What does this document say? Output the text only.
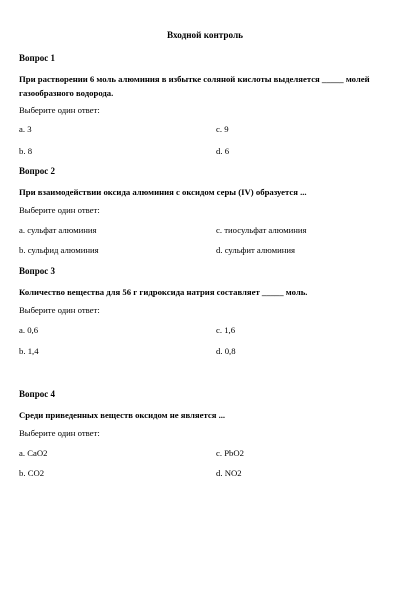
Входной контроль
Вопрос 1
При растворении 6 моль алюминия в избытке соляной кислоты выделяется _____ молей газообразного водорода.
Выберите один ответ:
a. 3	c. 9
b. 8	d. 6
Вопрос 2
При взаимодействии оксида алюминия с оксидом серы (IV) образуется ...
Выберите один ответ:
a. сульфат алюминия	c. тиосульфат алюминия
b. сульфид алюминия	d. сульфит алюминия
Вопрос 3
Количество вещества для 56 г гидроксида натрия составляет _____ моль.
Выберите один ответ:
a. 0,6	c. 1,6
b. 1,4	d. 0,8
Вопрос 4
Среди приведенных веществ оксидом не является ...
Выберите один ответ:
a. CaO2	c. PbO2
b. CO2	d. NO2
